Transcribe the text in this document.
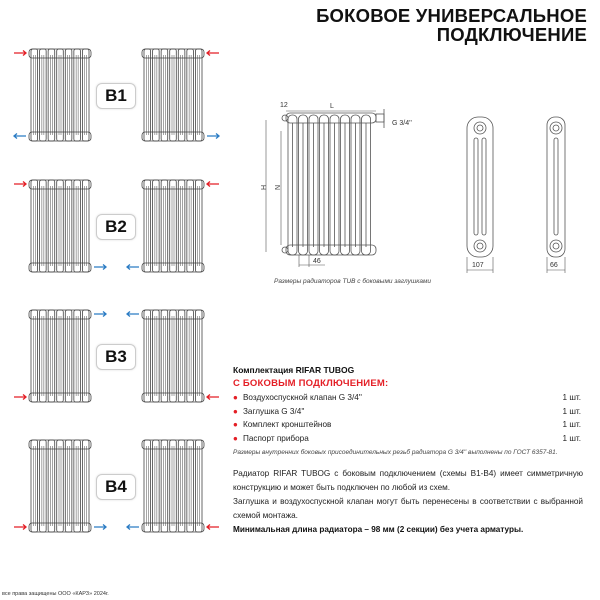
БОКОВОЕ УНИВЕРСАЛЬНОЕ
ПОДКЛЮЧЕНИЕ
B1
B2
B3
B4
12	L
H N
46
G 3/4''
107	66
Размеры радиаторов TUB с боковыми заглушками
Комплектация RIFAR TUBOG
С БОКОВЫМ ПОДКЛЮЧЕНИЕМ:
● Воздухоспускной клапан G 3/4''	1 шт.
● Заглушка G 3/4''	1 шт.
● Комплект кронштейнов	1 шт.
● Паспорт прибора	1 шт.
Размеры внутренних боковых присоединительных резьб радиатора G 3/4'' выполнены по ГОСТ 6357-81.

Радиатор RIFAR TUBOG с боковым подключением (схемы B1-B4) имеет симметричную конструкцию и может быть подключен по любой из схем.

Заглушка и воздухоспускной клапан могут быть перенесены в соответствии с выбранной схемой монтажа.

Минимальная длина радиатора – 98 мм (2 секции) без учета арматуры.

все права защищены ООО «КАРЗ» 2024г.
